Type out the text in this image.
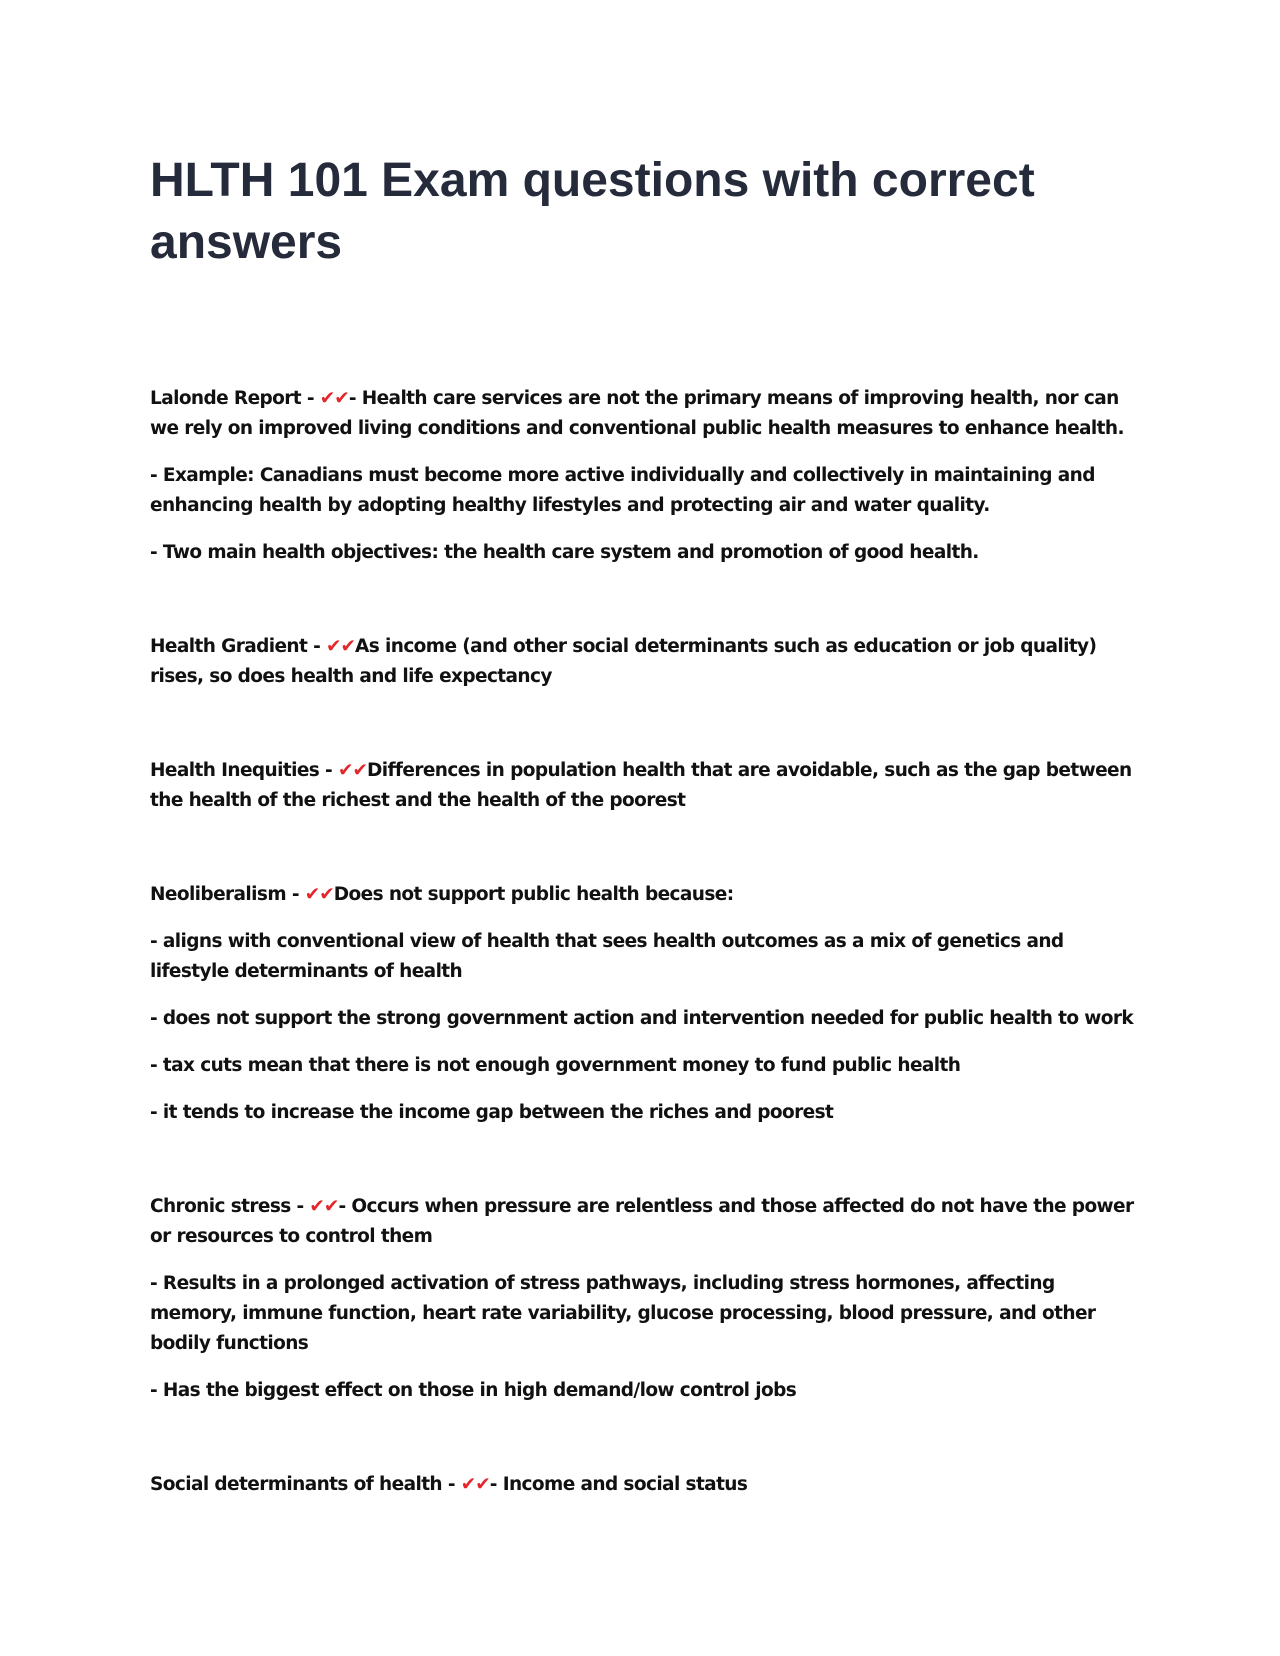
HLTH 101 Exam questions with correct answers

Lalonde Report - ✔✔- Health care services are not the primary means of improving health, nor can we rely on improved living conditions and conventional public health measures to enhance health.

- Example: Canadians must become more active individually and collectively in maintaining and enhancing health by adopting healthy lifestyles and protecting air and water quality.

- Two main health objectives: the health care system and promotion of good health.

Health Gradient - ✔✔As income (and other social determinants such as education or job quality) rises, so does health and life expectancy

Health Inequities - ✔✔Differences in population health that are avoidable, such as the gap between the health of the richest and the health of the poorest

Neoliberalism - ✔✔Does not support public health because:

- aligns with conventional view of health that sees health outcomes as a mix of genetics and lifestyle determinants of health

- does not support the strong government action and intervention needed for public health to work

- tax cuts mean that there is not enough government money to fund public health

- it tends to increase the income gap between the riches and poorest

Chronic stress - ✔✔- Occurs when pressure are relentless and those affected do not have the power or resources to control them

- Results in a prolonged activation of stress pathways, including stress hormones, affecting memory, immune function, heart rate variability, glucose processing, blood pressure, and other bodily functions

- Has the biggest effect on those in high demand/low control jobs

Social determinants of health - ✔✔- Income and social status
